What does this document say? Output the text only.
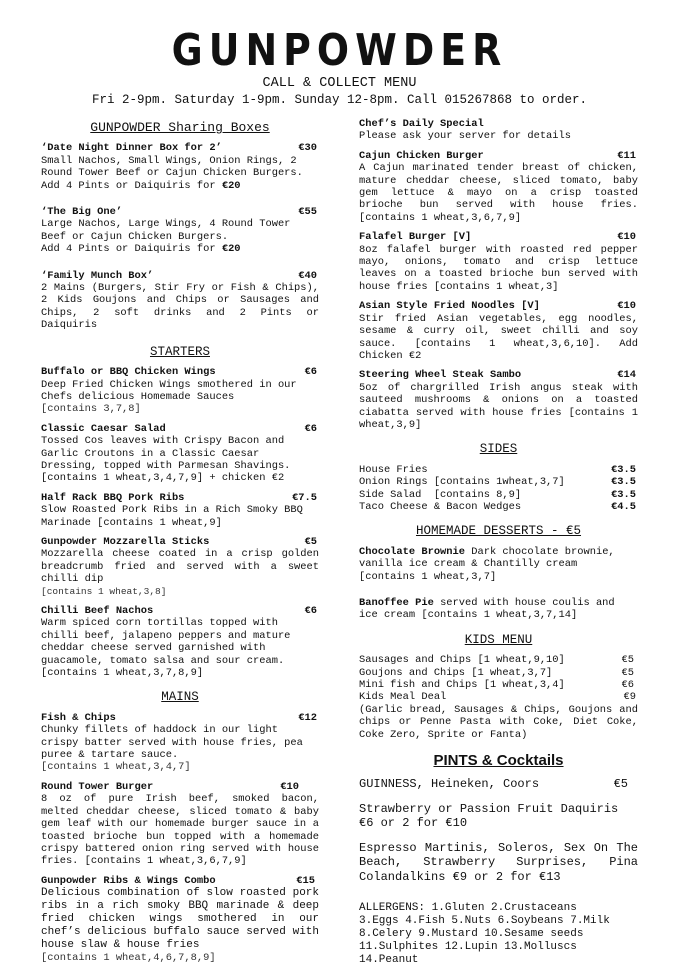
GUNPOWDER
CALL & COLLECT MENU
Fri 2-9pm. Saturday 1-9pm. Sunday 12-8pm. Call 015267868 to order.
GUNPOWDER Sharing Boxes
‘Date Night Dinner Box for 2’	€30
Small Nachos, Small Wings, Onion Rings, 2 Round Tower Beef or Cajun Chicken Burgers.
Add 4 Pints or Daiquiris for €20
‘The Big One’	€55
Large Nachos, Large Wings, 4 Round Tower Beef or Cajun Chicken Burgers.
Add 4 Pints or Daiquiris for €20
‘Family Munch Box’	€40
2 Mains (Burgers, Stir Fry or Fish & Chips), 2 Kids Goujons and Chips or Sausages and Chips, 2 soft drinks and 2 Pints or Daiquiris
STARTERS
Buffalo or BBQ Chicken Wings	€6
Deep Fried Chicken Wings smothered in our Chefs delicious Homemade Sauces
[contains 3,7,8]
Classic Caesar Salad	€6
Tossed Cos leaves with Crispy Bacon and Garlic Croutons in a Classic Caesar Dressing, topped with Parmesan Shavings.
[contains 1 wheat,3,4,7,9] + chicken €2
Half Rack BBQ Pork Ribs	€7.5
Slow Roasted Pork Ribs in a Rich Smoky BBQ Marinade [contains 1 wheat,9]
Gunpowder Mozzarella Sticks	€5
Mozzarella cheese coated in a crisp golden breadcrumb fried and served with a sweet chilli dip
[contains 1 wheat,3,8]
Chilli Beef Nachos	€6
Warm spiced corn tortillas topped with chilli beef, jalapeno peppers and mature cheddar cheese served garnished with guacamole, tomato salsa and sour cream.
[contains 1 wheat,3,7,8,9]
MAINS
Fish & Chips	€12
Chunky fillets of haddock in our light crispy batter served with house fries, pea puree & tartare sauce.
[contains 1 wheat,3,4,7]
Round Tower Burger	€10
8 oz of pure Irish beef, smoked bacon, melted cheddar cheese, sliced tomato & baby gem leaf with our homemade burger sauce in a toasted brioche bun topped with a homemade crispy battered onion ring served with house fries. [contains 1 wheat,3,6,7,9]
Gunpowder Ribs & Wings Combo	€15
Delicious combination of slow roasted pork ribs in a rich smoky BBQ marinade & deep fried chicken wings smothered in our chef’s delicious buffalo sauce served with house slaw & house fries
[contains 1 wheat,4,6,7,8,9]
Chef’s Daily Special
Please ask your server for details
Cajun Chicken Burger	€11
A Cajun marinated tender breast of chicken, mature cheddar cheese, sliced tomato, baby gem lettuce & mayo on a crisp toasted brioche bun served with house fries. [contains 1 wheat,3,6,7,9]
Falafel Burger [V]	€10
8oz falafel burger with roasted red pepper mayo, onions, tomato and crisp lettuce leaves on a toasted brioche bun served with house fries [contains 1 wheat,3]
Asian Style Fried Noodles [V]	€10
Stir fried Asian vegetables, egg noodles, sesame & curry oil, sweet chilli and soy sauce. [contains 1 wheat,3,6,10]. Add Chicken €2
Steering Wheel Steak Sambo	€14
5oz of chargrilled Irish angus steak with sauteed mushrooms & onions on a toasted ciabatta served with house fries [contains 1 wheat,3,9]
SIDES
House Fries	€3.5
Onion Rings [contains 1wheat,3,7]	€3.5
Side Salad  [contains 8,9]	€3.5
Taco Cheese & Bacon Wedges	€4.5
HOMEMADE DESSERTS - €5
Chocolate Brownie Dark chocolate brownie, vanilla ice cream & Chantilly cream
[contains 1 wheat,3,7]
Banoffee Pie served with house coulis and ice cream [contains 1 wheat,3,7,14]
KIDS MENU
Sausages and Chips [1 wheat,9,10]	€5
Goujons and Chips [1 wheat,3,7]	€5
Mini fish and Chips [1 wheat,3,4]	€6
Kids Meal Deal	€9
(Garlic bread, Sausages & Chips, Goujons and chips or Penne Pasta with Coke, Diet Coke, Coke Zero, Sprite or Fanta)
PINTS & Cocktails
GUINNESS, Heineken, Coors	€5
Strawberry or Passion Fruit Daquiris €6 or 2 for €10
Espresso Martinis, Soleros, Sex On The Beach, Strawberry Surprises, Pina Colandalkins €9 or 2 for €13
ALLERGENS: 1.Gluten 2.Crustaceans
3.Eggs 4.Fish 5.Nuts 6.Soybeans 7.Milk
8.Celery 9.Mustard 10.Sesame seeds
11.Sulphites 12.Lupin 13.Molluscs
14.Peanut
